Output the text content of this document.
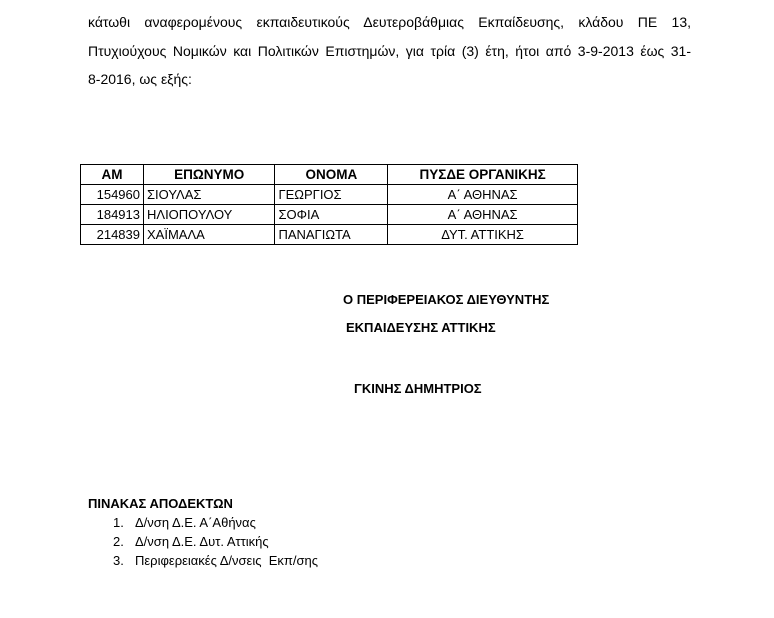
κάτωθι αναφερομένους εκπαιδευτικούς Δευτεροβάθμιας Εκπαίδευσης, κλάδου ΠΕ 13,
Πτυχιούχους Νομικών και Πολιτικών Επιστημών, για τρία (3) έτη, ήτοι από 3-9-2013 έως 31-
8-2016, ως εξής:
ΑΜ	ΕΠΩΝΥΜΟ	ΟΝΟΜΑ	ΠΥΣΔΕ ΟΡΓΑΝΙΚΗΣ
154960	ΣΙΟΥΛΑΣ	ΓΕΩΡΓΙΟΣ	Α΄ ΑΘΗΝΑΣ
184913	ΗΛΙΟΠΟΥΛΟΥ	ΣΟΦΙΑ	Α΄ ΑΘΗΝΑΣ
214839	ΧΑΪΜΑΛΑ	ΠΑΝΑΓΙΩΤΑ	ΔΥΤ. ΑΤΤΙΚΗΣ
Ο ΠΕΡΙΦΕΡΕΙΑΚΟΣ ΔΙΕΥΘΥΝΤΗΣ
ΕΚΠΑΙΔΕΥΣΗΣ ΑΤΤΙΚΗΣ
ΓΚΙΝΗΣ ΔΗΜΗΤΡΙΟΣ
ΠΙΝΑΚΑΣ ΑΠΟΔΕΚΤΩΝ
1. Δ/νση Δ.Ε. Α΄Αθήνας
2. Δ/νση Δ.Ε. Δυτ. Αττικής
3. Περιφερειακές Δ/νσεις  Εκπ/σης
